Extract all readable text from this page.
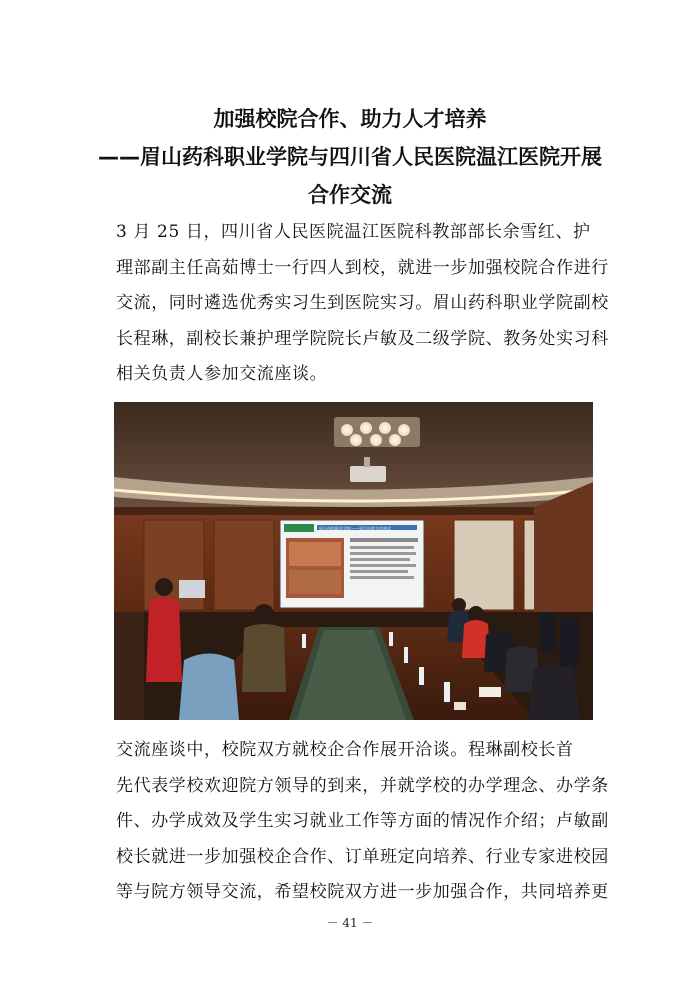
加强校院合作、助力人才培养
——眉山药科职业学院与四川省人民医院温江医院开展
合作交流
3 月 25 日，四川省人民医院温江医院科教部部长余雪红、护
理部副主任高茹博士一行四人到校，就进一步加强校院合作进行
交流，同时遴选优秀实习生到医院实习。眉山药科职业学院副校
长程琳，副校长兼护理学院院长卢敏及二级学院、教务处实习科
相关负责人参加交流座谈。
眉山药科职业学院——温江医院交流座谈
交流座谈中，校院双方就校企合作展开洽谈。程琳副校长首
先代表学校欢迎院方领导的到来，并就学校的办学理念、办学条
件、办学成效及学生实习就业工作等方面的情况作介绍；卢敏副
校长就进一步加强校企合作、订单班定向培养、行业专家进校园
等与院方领导交流，希望校院双方进一步加强合作，共同培养更
－ 41 －
